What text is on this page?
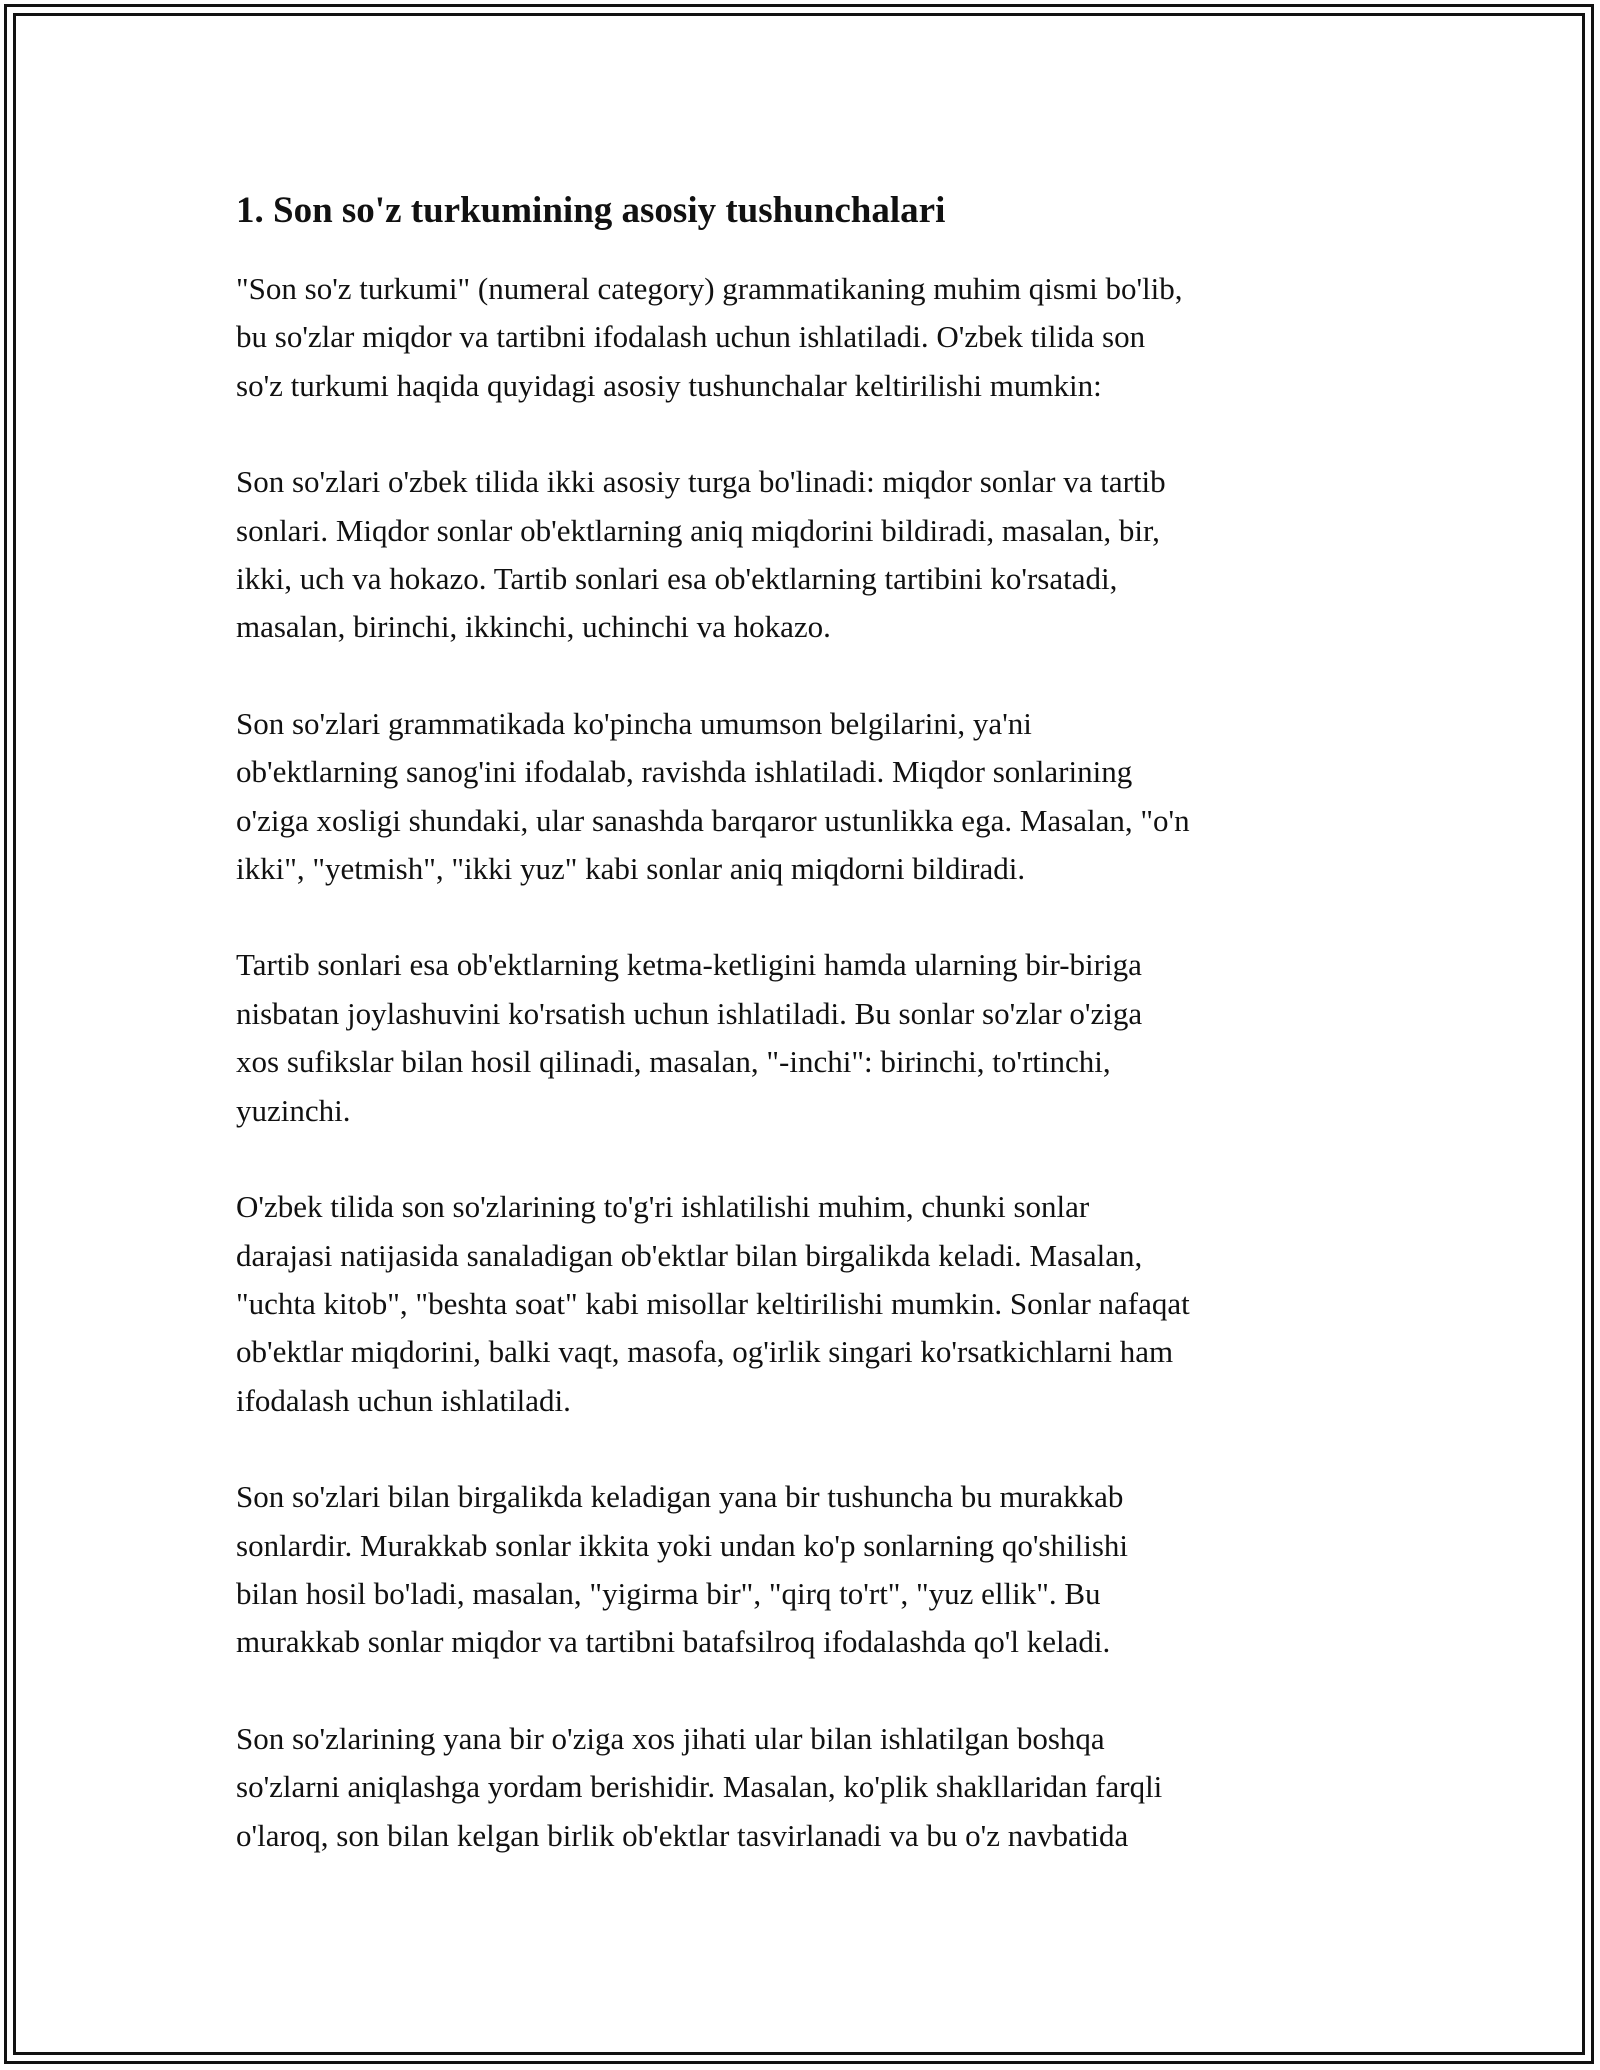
1. Son so'z turkumining asosiy tushunchalari

"Son so'z turkumi" (numeral category) grammatikaning muhim qismi bo'lib,
bu so'zlar miqdor va tartibni ifodalash uchun ishlatiladi. O'zbek tilida son
so'z turkumi haqida quyidagi asosiy tushunchalar keltirilishi mumkin:

Son so'zlari o'zbek tilida ikki asosiy turga bo'linadi: miqdor sonlar va tartib
sonlari. Miqdor sonlar ob'ektlarning aniq miqdorini bildiradi, masalan, bir,
ikki, uch va hokazo. Tartib sonlari esa ob'ektlarning tartibini ko'rsatadi,
masalan, birinchi, ikkinchi, uchinchi va hokazo.

Son so'zlari grammatikada ko'pincha umumson belgilarini, ya'ni
ob'ektlarning sanog'ini ifodalab, ravishda ishlatiladi. Miqdor sonlarining
o'ziga xosligi shundaki, ular sanashda barqaror ustunlikka ega. Masalan, "o'n
ikki", "yetmish", "ikki yuz" kabi sonlar aniq miqdorni bildiradi.

Tartib sonlari esa ob'ektlarning ketma-ketligini hamda ularning bir-biriga
nisbatan joylashuvini ko'rsatish uchun ishlatiladi. Bu sonlar so'zlar o'ziga
xos sufikslar bilan hosil qilinadi, masalan, "-inchi": birinchi, to'rtinchi,
yuzinchi.

O'zbek tilida son so'zlarining to'g'ri ishlatilishi muhim, chunki sonlar
darajasi natijasida sanaladigan ob'ektlar bilan birgalikda keladi. Masalan,
"uchta kitob", "beshta soat" kabi misollar keltirilishi mumkin. Sonlar nafaqat
ob'ektlar miqdorini, balki vaqt, masofa, og'irlik singari ko'rsatkichlarni ham
ifodalash uchun ishlatiladi.

Son so'zlari bilan birgalikda keladigan yana bir tushuncha bu murakkab
sonlardir. Murakkab sonlar ikkita yoki undan ko'p sonlarning qo'shilishi
bilan hosil bo'ladi, masalan, "yigirma bir", "qirq to'rt", "yuz ellik". Bu
murakkab sonlar miqdor va tartibni batafsilroq ifodalashda qo'l keladi.

Son so'zlarining yana bir o'ziga xos jihati ular bilan ishlatilgan boshqa
so'zlarni aniqlashga yordam berishidir. Masalan, ko'plik shakllaridan farqli
o'laroq, son bilan kelgan birlik ob'ektlar tasvirlanadi va bu o'z navbatida
